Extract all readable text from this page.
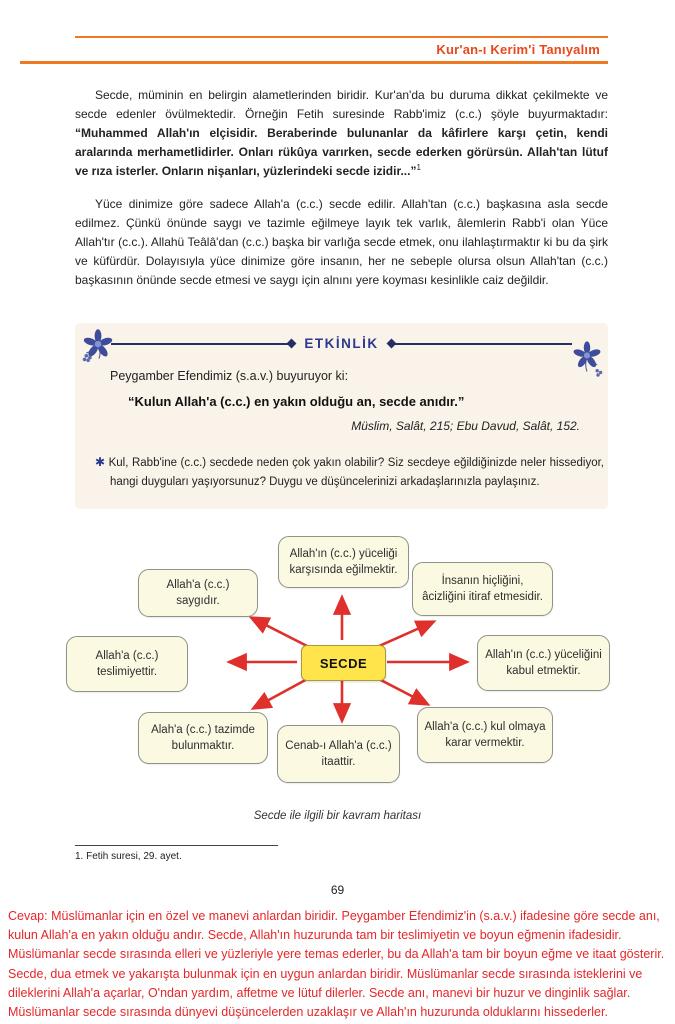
Kur'an-ı Kerim'i Tanıyalım

Secde, müminin en belirgin alametlerinden biridir. Kur'an'da bu duruma dikkat çekilmekte ve secde edenler övülmektedir. Örneğin Fetih suresinde Rabb'imiz (c.c.) şöyle buyurmaktadır: “Muhammed Allah'ın elçisidir. Beraberinde bulunanlar da kâfirlere karşı çetin, kendi aralarında merhametlidirler. Onları rükûya varırken, secde ederken görürsün. Allah'tan lütuf ve rıza isterler. Onların nişanları, yüzlerindeki secde izidir...”$^1$

Yüce dinimize göre sadece Allah'a (c.c.) secde edilir. Allah'tan (c.c.) başkasına asla secde edilmez. Çünkü önünde saygı ve tazimle eğilmeye layık tek varlık, âlemlerin Rabb'i olan Yüce Allah'tır (c.c.). Allahü Teâlâ'dan (c.c.) başka bir varlığa secde etmek, onu ilahlaştırmaktır ki bu da şirk ve küfürdür. Dolayısıyla yüce dinimize göre insanın, her ne sebeple olursa olsun Allah'tan (c.c.) başkasının önünde secde etmesi ve saygı için alnını yere koyması kesinlikle caiz değildir.

ETKİNLİK
Peygamber Efendimiz (s.a.v.) buyuruyor ki:
“Kulun Allah'a (c.c.) en yakın olduğu an, secde anıdır.”
Müslim, Salât, 215; Ebu Davud, Salât, 152.
✱ Kul, Rabb'ine (c.c.) secdede neden çok yakın olabilir? Siz secdeye eğildiğinizde neler hissediyor, hangi duyguları yaşıyorsunuz? Duygu ve düşüncelerinizi arkadaşlarınızla paylaşınız.
Allah'ın (c.c.) yüceliği karşısında eğilmektir.
Allah'a (c.c.) saygıdır.
İnsanın hiçliğini, âcizliğini itiraf etmesidir.
Allah'a (c.c.) teslimiyettir.
Allah'ın (c.c.) yüceliğini kabul etmektir.
Alah'a (c.c.) tazimde bulunmaktır.	Cenab-ı Allah'a (c.c.) itaattir.
Allah'a (c.c.) kul olmaya karar vermektir.
SECDE
Secde ile ilgili bir kavram haritası
1. Fetih suresi, 29. ayet.
69
Cevap: Müslümanlar için en özel ve manevi anlardan biridir. Peygamber Efendimiz'in (s.a.v.) ifadesine göre secde anı, kulun Allah'a en yakın olduğu andır. Secde, Allah'ın huzurunda tam bir teslimiyetin ve boyun eğmenin ifadesidir. Müslümanlar secde sırasında elleri ve yüzleriyle yere temas ederler, bu da Allah'a tam bir boyun eğme ve itaat gösterir. Secde, dua etmek ve yakarışta bulunmak için en uygun anlardan biridir. Müslümanlar secde sırasında isteklerini ve dileklerini Allah'a açarlar, O'ndan yardım, affetme ve lütuf dilerler. Secde anı, manevi bir huzur ve dinginlik sağlar. Müslümanlar secde sırasında dünyevi düşüncelerden uzaklaşır ve Allah'ın huzurunda olduklarını hissederler.
